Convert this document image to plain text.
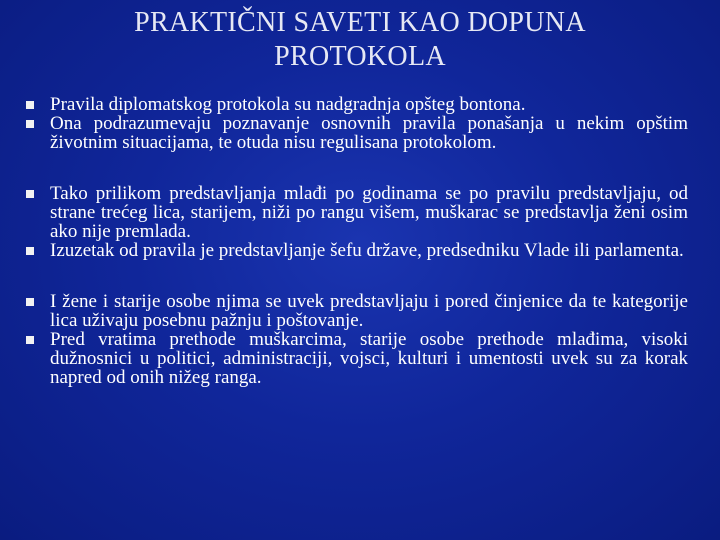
PRAKTIČNI SAVETI KAO DOPUNA
PROTOKOLA
Pravila diplomatskog protokola su nadgradnja opšteg bontona.
Ona podrazumevaju poznavanje osnovnih pravila ponašanja u nekim opštim životnim situacijama, te otuda nisu regulisana protokolom.
Tako prilikom predstavljanja mlađi po godinama se po pravilu predstavljaju, od strane trećeg lica, starijem, niži po rangu višem, muškarac se predstavlja ženi osim ako nije premlada.
Izuzetak od pravila je predstavljanje šefu države, predsedniku Vlade ili parlamenta.
I žene i starije osobe njima se uvek predstavljaju i pored činjenice da te kategorije lica uživaju posebnu pažnju i poštovanje.
Pred vratima prethode muškarcima, starije osobe prethode mlađima, visoki dužnosnici u politici, administraciji, vojsci, kulturi i umentosti uvek su za korak napred od onih nižeg ranga.
